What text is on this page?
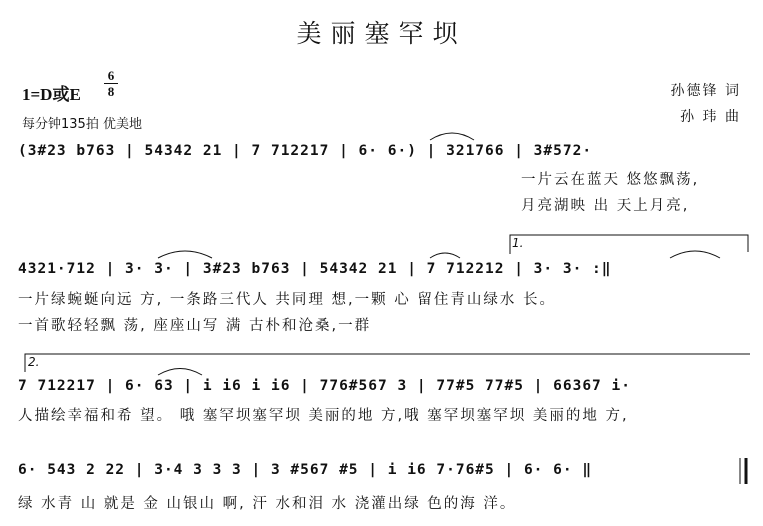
美丽塞罕坝
1=D或E
6
8
每分钟135拍 优美地
孙德锋 词
孙 玮 曲
(3#23 b763 | 54342 21 | 7 712217 | 6· 6·) | 321766 | 3#572·
一片云在蓝天 悠悠飘荡,
月亮湖映 出 天上月亮,
1.
4321·712 | 3· 3· | 3#23 b763 | 54342 21 | 7 712212 | 3· 3· :‖
一片绿蜿蜒向远 方, 一条路三代人 共同理 想,一颗 心 留住青山绿水 长。
一首歌轻轻飘 荡, 座座山写 满 古朴和沧桑,一群
2.
7 712217 | 6· 63 | i i6 i i6 | 776#567 3 | 77#5 77#5 | 66367 i·
人描绘幸福和希 望。 哦 塞罕坝塞罕坝 美丽的地 方,哦 塞罕坝塞罕坝 美丽的地 方,
6· 543 2 22 | 3·4 3 3 3 | 3 #567 #5 | i i6 7·76#5 | 6· 6· ‖
绿 水青 山 就是 金 山银山 啊, 汗 水和泪 水 浇灌出绿 色的海 洋。
